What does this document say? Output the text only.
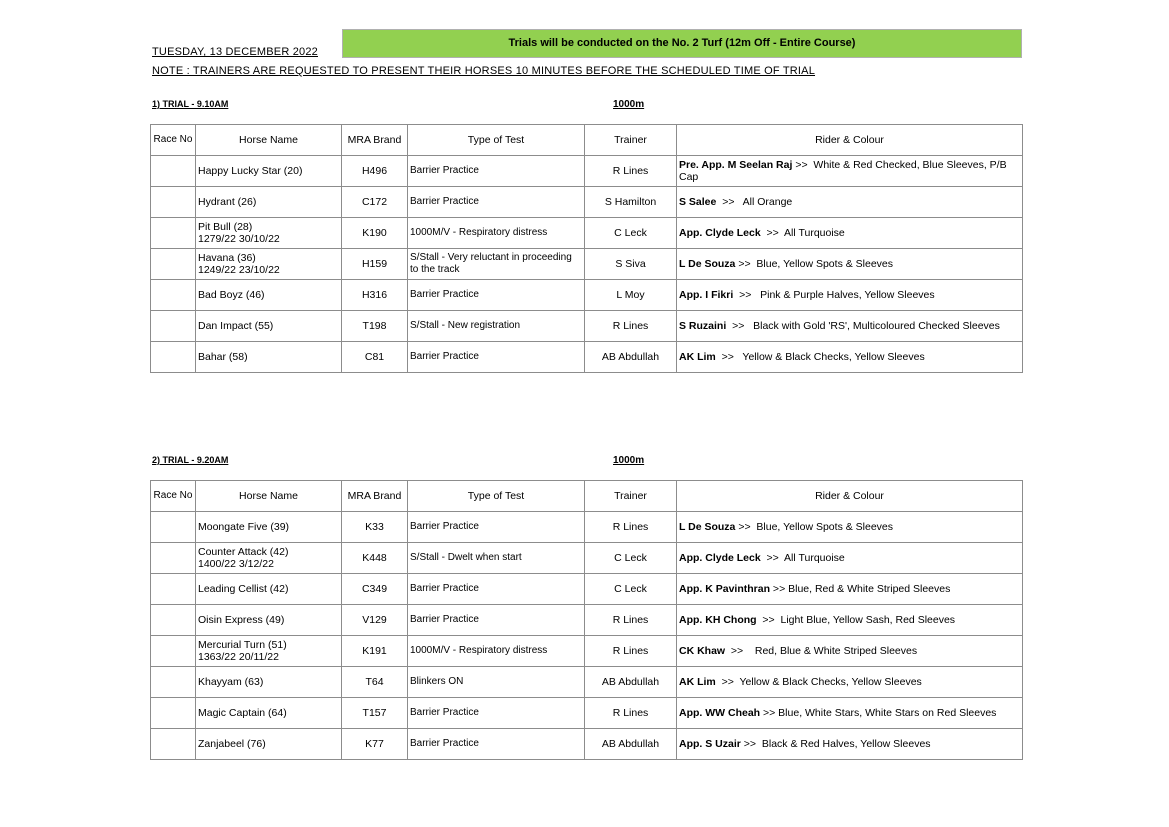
Trials will be conducted on the No. 2 Turf (12m Off - Entire Course)
TUESDAY, 13 DECEMBER 2022
NOTE : TRAINERS ARE REQUESTED TO PRESENT THEIR HORSES 10 MINUTES BEFORE THE SCHEDULED TIME OF TRIAL
1) TRIAL - 9.10AM	1000m
Race No	Horse Name	MRA Brand	Type of Test	Trainer	Rider & Colour

	Happy Lucky Star (20)	H496	Barrier Practice	R Lines	Pre. App. M Seelan Raj >>  White & Red Checked, Blue Sleeves, P/B Cap

	Hydrant (26)	C172	Barrier Practice	S Hamilton	S Salee  >>   All Orange

	Pit Bull (28)
1279/22 30/10/22	K190	1000M/V - Respiratory distress	C Leck	App. Clyde Leck  >>  All Turquoise

	Havana (36)
1249/22 23/10/22	H159	S/Stall - Very reluctant in proceeding to the track	S Siva	L De Souza >>  Blue, Yellow Spots & Sleeves

	Bad Boyz (46)	H316	Barrier Practice	L Moy	App. I Fikri  >>   Pink & Purple Halves, Yellow Sleeves

	Dan Impact (55)	T198	S/Stall - New registration	R Lines	S Ruzaini  >>   Black with Gold 'RS', Multicoloured Checked Sleeves

	Bahar (58)	C81	Barrier Practice	AB Abdullah	AK Lim  >>   Yellow & Black Checks, Yellow Sleeves
2) TRIAL - 9.20AM	1000m
Race No	Horse Name	MRA Brand	Type of Test	Trainer	Rider & Colour

	Moongate Five (39)	K33	Barrier Practice	R Lines	L De Souza >>  Blue, Yellow Spots & Sleeves

	Counter Attack (42)
1400/22 3/12/22	K448	S/Stall - Dwelt when start	C Leck	App. Clyde Leck  >>  All Turquoise

	Leading Cellist (42)	C349	Barrier Practice	C Leck	App. K Pavinthran >> Blue, Red & White Striped Sleeves

	Oisin Express (49)	V129	Barrier Practice	R Lines	App. KH Chong  >>  Light Blue, Yellow Sash, Red Sleeves

	Mercurial Turn (51)
1363/22 20/11/22	K191	1000M/V - Respiratory distress	R Lines	CK Khaw  >>    Red, Blue & White Striped Sleeves

	Khayyam (63)	T64	Blinkers ON	AB Abdullah	AK Lim  >>  Yellow & Black Checks, Yellow Sleeves

	Magic Captain (64)	T157	Barrier Practice	R Lines	App. WW Cheah >> Blue, White Stars, White Stars on Red Sleeves

	Zanjabeel (76)	K77	Barrier Practice	AB Abdullah	App. S Uzair >>  Black & Red Halves, Yellow Sleeves
